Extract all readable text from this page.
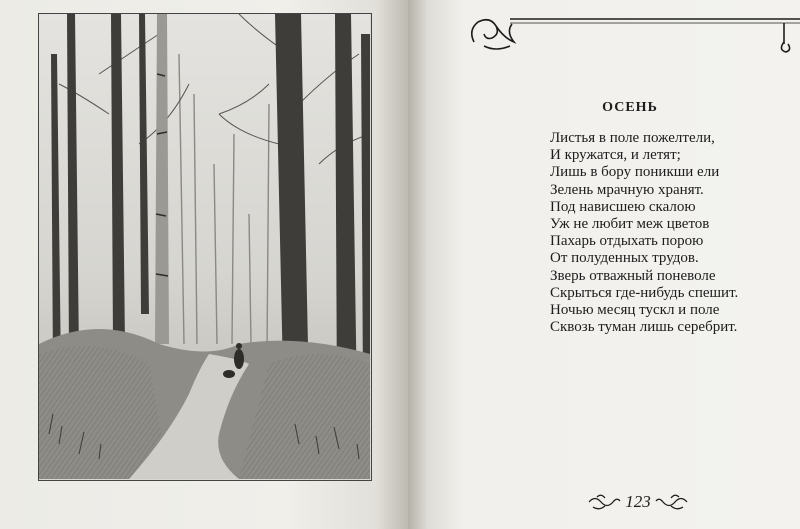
ОСЕНЬ
Листья в поле пожелтели,
И кружатся, и летят;
Лишь в бору поникши ели
Зелень мрачную хранят.
Под нависшею скалою
Уж не любит меж цветов
Пахарь отдыхать порою
От полуденных трудов.
Зверь отважный поневоле
Скрыться где-нибудь спешит.
Ночью месяц тускл и поле
Сквозь туман лишь серебрит.
123
